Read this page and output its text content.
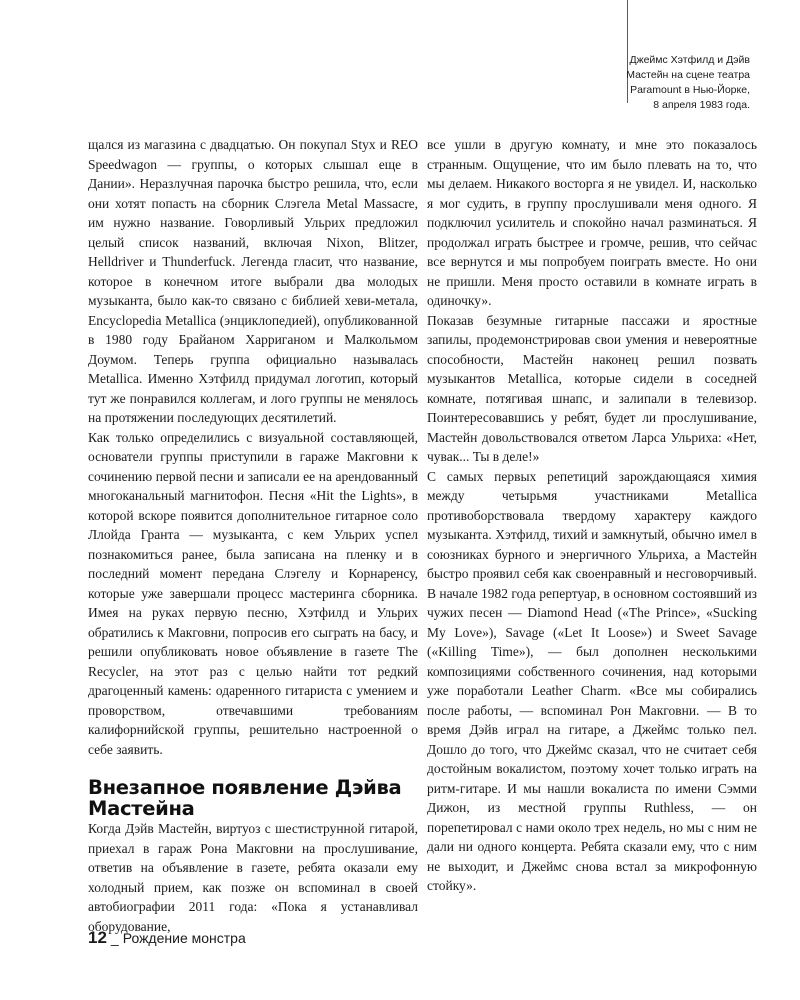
Джеймс Хэтфилд и Дэйв
Мастейн на сцене театра
Paramount в Нью-Йорке,
8 апреля 1983 года.

щался из магазина с двадцатью. Он покупал Styx и REO Speedwagon — группы, о которых слышал еще в Дании». Неразлучная парочка быстро решила, что, если они хотят попасть на сборник Слэгела Metal Massacre, им нужно название. Говорливый Ульрих предложил целый список названий, включая Nixon, Blitzer, Helldriver и Thunderfuck. Легенда гласит, что название, которое в конечном итоге выбрали два молодых музыканта, было как-то связано с библией хеви-метала, Encyclopedia Metallica (энциклопедией), опубликованной в 1980 году Брайаном Харриганом и Малкольмом Доумом. Теперь группа официально называлась Metallica. Именно Хэтфилд придумал логотип, который тут же понравился коллегам, и лого группы не менялось на протяжении последующих десятилетий.

Как только определились с визуальной составляющей, основатели группы приступили в гараже Макговни к сочинению первой песни и записали ее на арендованный многоканальный магнитофон. Песня «Hit the Lights», в которой вскоре появится дополнительное гитарное соло Ллойда Гранта — музыканта, с кем Ульрих успел познакомиться ранее, была записана на пленку и в последний момент передана Слэгелу и Корнаренсу, которые уже завершали процесс мастеринга сборника. Имея на руках первую песню, Хэтфилд и Ульрих обратились к Макговни, попросив его сыграть на басу, и решили опубликовать новое объявление в газете The Recycler, на этот раз с целью найти тот редкий драгоценный камень: одаренного гитариста с умением и проворством, отвечавшими требованиям калифорнийской группы, решительно настроенной о себе заявить.

Внезапное появление Дэйва Мастейна

Когда Дэйв Мастейн, виртуоз с шестиструнной гитарой, приехал в гараж Рона Макговни на прослушивание, ответив на объявление в газете, ребята оказали ему холодный прием, как позже он вспоминал в своей автобиографии 2011 года: «Пока я устанавливал оборудование,

все ушли в другую комнату, и мне это показалось странным. Ощущение, что им было плевать на то, что мы делаем. Никакого восторга я не увидел. И, насколько я мог судить, в группу прослушивали меня одного. Я подключил усилитель и спокойно начал разминаться. Я продолжал играть быстрее и громче, решив, что сейчас все вернутся и мы попробуем поиграть вместе. Но они не пришли. Меня просто оставили в комнате играть в одиночку».

Показав безумные гитарные пассажи и яростные запилы, продемонстрировав свои умения и невероятные способности, Мастейн наконец решил позвать музыкантов Metallica, которые сидели в соседней комнате, потягивая шнапс, и залипали в телевизор. Поинтересовавшись у ребят, будет ли прослушивание, Мастейн довольствовался ответом Ларса Ульриха: «Нет, чувак... Ты в деле!»

С самых первых репетиций зарождающаяся химия между четырьмя участниками Metallica противоборствовала твердому характеру каждого музыканта. Хэтфилд, тихий и замкнутый, обычно имел в союзниках бурного и энергичного Ульриха, а Мастейн быстро проявил себя как своенравный и несговорчивый. В начале 1982 года репертуар, в основном состоявший из чужих песен — Diamond Head («The Prince», «Sucking My Love»), Savage («Let It Loose») и Sweet Savage («Killing Time»), — был дополнен несколькими композициями собственного сочинения, над которыми уже поработали Leather Charm. «Все мы собирались после работы, — вспоминал Рон Макговни. — В то время Дэйв играл на гитаре, а Джеймс только пел. Дошло до того, что Джеймс сказал, что не считает себя достойным вокалистом, поэтому хочет только играть на ритм-гитаре. И мы нашли вокалиста по имени Сэмми Дижон, из местной группы Ruthless, — он порепетировал с нами около трех недель, но мы с ним не дали ни одного концерта. Ребята сказали ему, что с ним не выходит, и Джеймс снова встал за микрофонную стойку».

12 _ Рождение монстра
